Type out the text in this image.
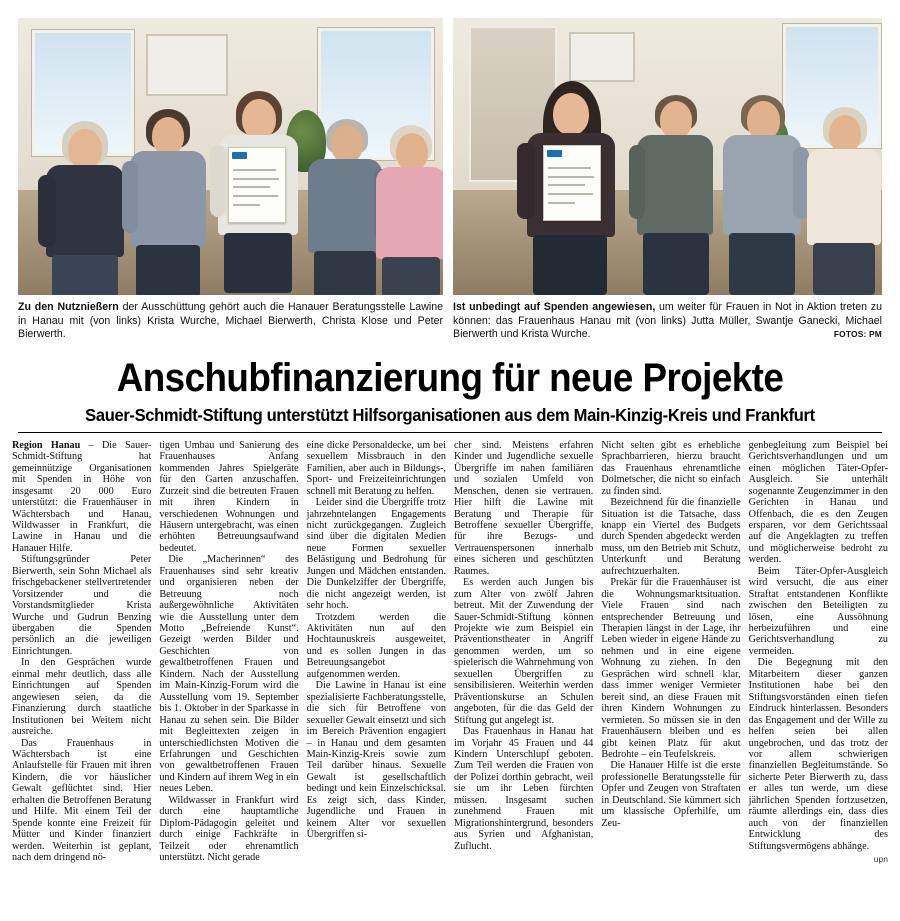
Zu den Nutznießern der Ausschüttung gehört auch die Hanauer Beratungsstelle Lawine in Hanau mit (von links) Krista Wurche, Michael Bierwerth, Christa Klose und Peter Bierwerth.
Ist unbedingt auf Spenden angewiesen, um weiter für Frauen in Not in Aktion treten zu können: das Frauenhaus Hanau mit (von links) Jutta Müller, Swantje Ganecki, Michael Bierwerth und Krista Wurche.	FOTOS: PM
Anschubfinanzierung für neue Projekte
Sauer-Schmidt-Stiftung unterstützt Hilfsorganisationen aus dem Main-Kinzig-Kreis und Frankfurt

Region Hanau – Die Sauer-Schmidt-Stiftung hat gemeinnützige Organisationen mit Spenden in Höhe von insgesamt 20 000 Euro unterstützt: die Frauenhäuser in Wächtersbach und Hanau, Wildwasser in Frankfurt, die Lawine in Hanau und die Hanauer Hilfe.

Stiftungsgründer Peter Bierwerth, sein Sohn Michael als frischgebackener stellvertretender Vorsitzender und die Vorstandsmitglieder Krista Wurche und Gudrun Benzing übergaben die Spenden persönlich an die jeweiligen Einrichtungen.

In den Gesprächen wurde einmal mehr deutlich, dass alle Einrichtungen auf Spenden angewiesen seien, da die Finanzierung durch staatliche Institutionen bei Weitem nicht ausreiche.

Das Frauenhaus in Wächtersbach ist eine Anlaufstelle für Frauen mit ihren Kindern, die vor häuslicher Gewalt geflüchtet sind. Hier erhalten die Betroffenen Beratung und Hilfe. Mit einem Teil der Spende konnte eine Freizeit für Mütter und Kinder finanziert werden. Weiterhin ist geplant, nach dem dringend nö-

tigen Umbau und Sanierung des Frauenhauses Anfang kommenden Jahres Spielgeräte für den Garten anzuschaffen. Zurzeit sind die betreuten Frauen mit ihren Kindern in verschiedenen Wohnungen und Häusern untergebracht, was einen erhöhten Betreuungsaufwand bedeutet.

Die „Macherinnen“ des Frauenhauses sind sehr kreativ und organisieren neben der Betreuung noch außergewöhnliche Aktivitäten wie die Ausstellung unter dem Motto „Befreiende Kunst“. Gezeigt werden Bilder und Geschichten von gewaltbetroffenen Frauen und Kindern. Nach der Ausstellung im Main-Kinzig-Forum wird die Ausstellung vom 19. September bis 1. Oktober in der Sparkasse in Hanau zu sehen sein. Die Bilder mit Begleittexten zeigen in unterschiedlichsten Motiven die Erfahrungen und Geschichten von gewaltbetroffenen Frauen und Kindern auf ihrem Weg in ein neues Leben.

Wildwasser in Frankfurt wird durch eine hauptamtliche Diplom-Pädagogin geleitet und durch einige Fachkräfte in Teilzeit oder ehrenamtlich unterstützt. Nicht gerade

eine dicke Personaldecke, um bei sexuellem Missbrauch in den Familien, aber auch in Bildungs-, Sport- und Freizeiteinrichtungen schnell mit Beratung zu helfen.

Leider sind die Übergriffe trotz jahrzehntelangen Engagements nicht zurückgegangen. Zugleich sind über die digitalen Medien neue Formen sexueller Belästigung und Bedrohung für Jungen und Mädchen entstanden. Die Dunkelziffer der Übergriffe, die nicht angezeigt werden, ist sehr hoch.

Trotzdem werden die Aktivitäten nun auf den Hochtaunuskreis ausgeweitet, und es sollen Jungen in das Betreuungsangebot aufgenommen werden.

Die Lawine in Hanau ist eine spezialisierte Fachberatungsstelle, die sich für Betroffene von sexueller Gewalt einsetzt und sich im Bereich Prävention engagiert – in Hanau und dem gesamten Main-Kinzig-Kreis sowie zum Teil darüber hinaus. Sexuelle Gewalt ist gesellschaftlich bedingt und kein Einzelschicksal. Es zeigt sich, dass Kinder, Jugendliche und Frauen in keinem Alter vor sexuellen Übergriffen si-

cher sind. Meistens erfahren Kinder und Jugendliche sexuelle Übergriffe im nahen familiären und sozialen Umfeld von Menschen, denen sie vertrauen. Hier hilft die Lawine mit Beratung und Therapie für Betroffene sexueller Übergriffe, für ihre Bezugs- und Vertrauenspersonen innerhalb eines sicheren und geschützten Raumes.

Es werden auch Jungen bis zum Alter von zwölf Jahren betreut. Mit der Zuwendung der Sauer-Schmidt-Stiftung können Projekte wie zum Beispiel ein Präventionstheater in Angriff genommen werden, um so spielerisch die Wahrnehmung von sexuellen Übergriffen zu sensibilisieren. Weiterhin werden Präventionskurse an Schulen angeboten, für die das Geld der Stiftung gut angelegt ist.

Das Frauenhaus in Hanau hat im Vorjahr 45 Frauen und 44 Kindern Unterschlupf geboten. Zum Teil werden die Frauen von der Polizei dorthin gebracht, weil sie um ihr Leben fürchten müssen. Insgesamt suchen zunehmend Frauen mit Migrationshintergrund, besonders aus Syrien und Afghanistan, Zuflucht.

Nicht selten gibt es erhebliche Sprachbarrieren, hierzu braucht das Frauenhaus ehrenamtliche Dolmetscher, die nicht so einfach zu finden sind.

Bezeichnend für die finanzielle Situation ist die Tatsache, dass knapp ein Viertel des Budgets durch Spenden abgedeckt werden muss, um den Betrieb mit Schutz, Unterkunft und Beratung aufrechtzuerhalten.

Prekär für die Frauenhäuser ist die Wohnungsmarktsituation. Viele Frauen sind nach entsprechender Betreuung und Therapien längst in der Lage, ihr Leben wieder in eigene Hände zu nehmen und in eine eigene Wohnung zu ziehen. In den Gesprächen wird schnell klar, dass immer weniger Vermieter bereit sind, an diese Frauen mit ihren Kindern Wohnungen zu vermieten. So müssen sie in den Frauenhäusern bleiben und es gibt keinen Platz für akut Bedrohte – ein Teufelskreis.

Die Hanauer Hilfe ist die erste professionelle Beratungsstelle für Opfer und Zeugen von Straftaten in Deutschland. Sie kümmert sich um klassische Opferhilfe, um Zeu-

genbegleitung zum Beispiel bei Gerichtsverhandlungen und um einen möglichen Täter-Opfer-Ausgleich. Sie unterhält sogenannte Zeugenzimmer in den Gerichten in Hanau und Offenbach, die es den Zeugen ersparen, vor dem Gerichtssaal auf die Angeklagten zu treffen und möglicherweise bedroht zu werden.

Beim Täter-Opfer-Ausgleich wird versucht, die aus einer Straftat entstandenen Konflikte zwischen den Beteiligten zu lösen, eine Aussöhnung herbeizuführen und eine Gerichtsverhandlung zu vermeiden.

Die Begegnung mit den Mitarbeitern dieser ganzen Institutionen habe bei den Stiftungsvorständen einen tiefen Eindruck hinterlassen. Besonders das Engagement und der Wille zu helfen seien bei allen ungebrochen, und das trotz der vor allem schwierigen finanziellen Begleitumstände. So sicherte Peter Bierwerth zu, dass er alles tun werde, um diese jährlichen Spenden fortzusetzen, räumte allerdings ein, dass dies auch von der finanziellen Entwicklung des Stiftungsvermögens abhänge.

upn
